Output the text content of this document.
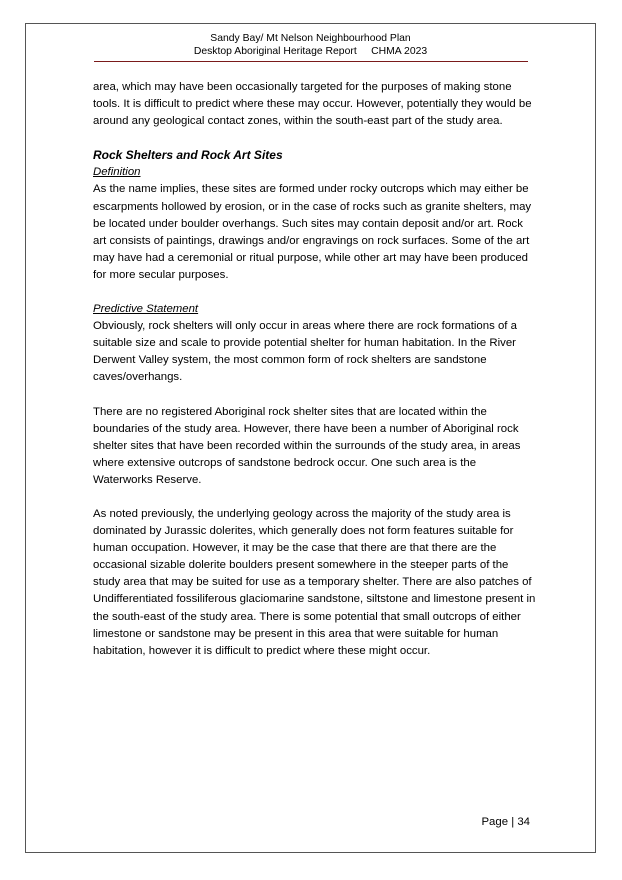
Sandy Bay/ Mt Nelson Neighbourhood Plan
Desktop Aboriginal Heritage Report     CHMA 2023

area, which may have been occasionally targeted for the purposes of making stone tools. It is difficult to predict where these may occur. However, potentially they would be around any geological contact zones, within the south-east part of the study area.

Rock Shelters and Rock Art Sites
Definition

As the name implies, these sites are formed under rocky outcrops which may either be escarpments hollowed by erosion, or in the case of rocks such as granite shelters, may be located under boulder overhangs. Such sites may contain deposit and/or art. Rock art consists of paintings, drawings and/or engravings on rock surfaces. Some of the art may have had a ceremonial or ritual purpose, while other art may have been produced for more secular purposes.

Predictive Statement

Obviously, rock shelters will only occur in areas where there are rock formations of a suitable size and scale to provide potential shelter for human habitation. In the River Derwent Valley system, the most common form of rock shelters are sandstone caves/overhangs.

There are no registered Aboriginal rock shelter sites that are located within the boundaries of the study area. However, there have been a number of Aboriginal rock shelter sites that have been recorded within the surrounds of the study area, in areas where extensive outcrops of sandstone bedrock occur. One such area is the Waterworks Reserve.

As noted previously, the underlying geology across the majority of the study area is dominated by Jurassic dolerites, which generally does not form features suitable for human occupation. However, it may be the case that there are that there are the occasional sizable dolerite boulders present somewhere in the steeper parts of the study area that may be suited for use as a temporary shelter. There are also patches of Undifferentiated fossiliferous glaciomarine sandstone, siltstone and limestone present in the south-east of the study area. There is some potential that small outcrops of either limestone or sandstone may be present in this area that were suitable for human habitation, however it is difficult to predict where these might occur.

Page | 34
